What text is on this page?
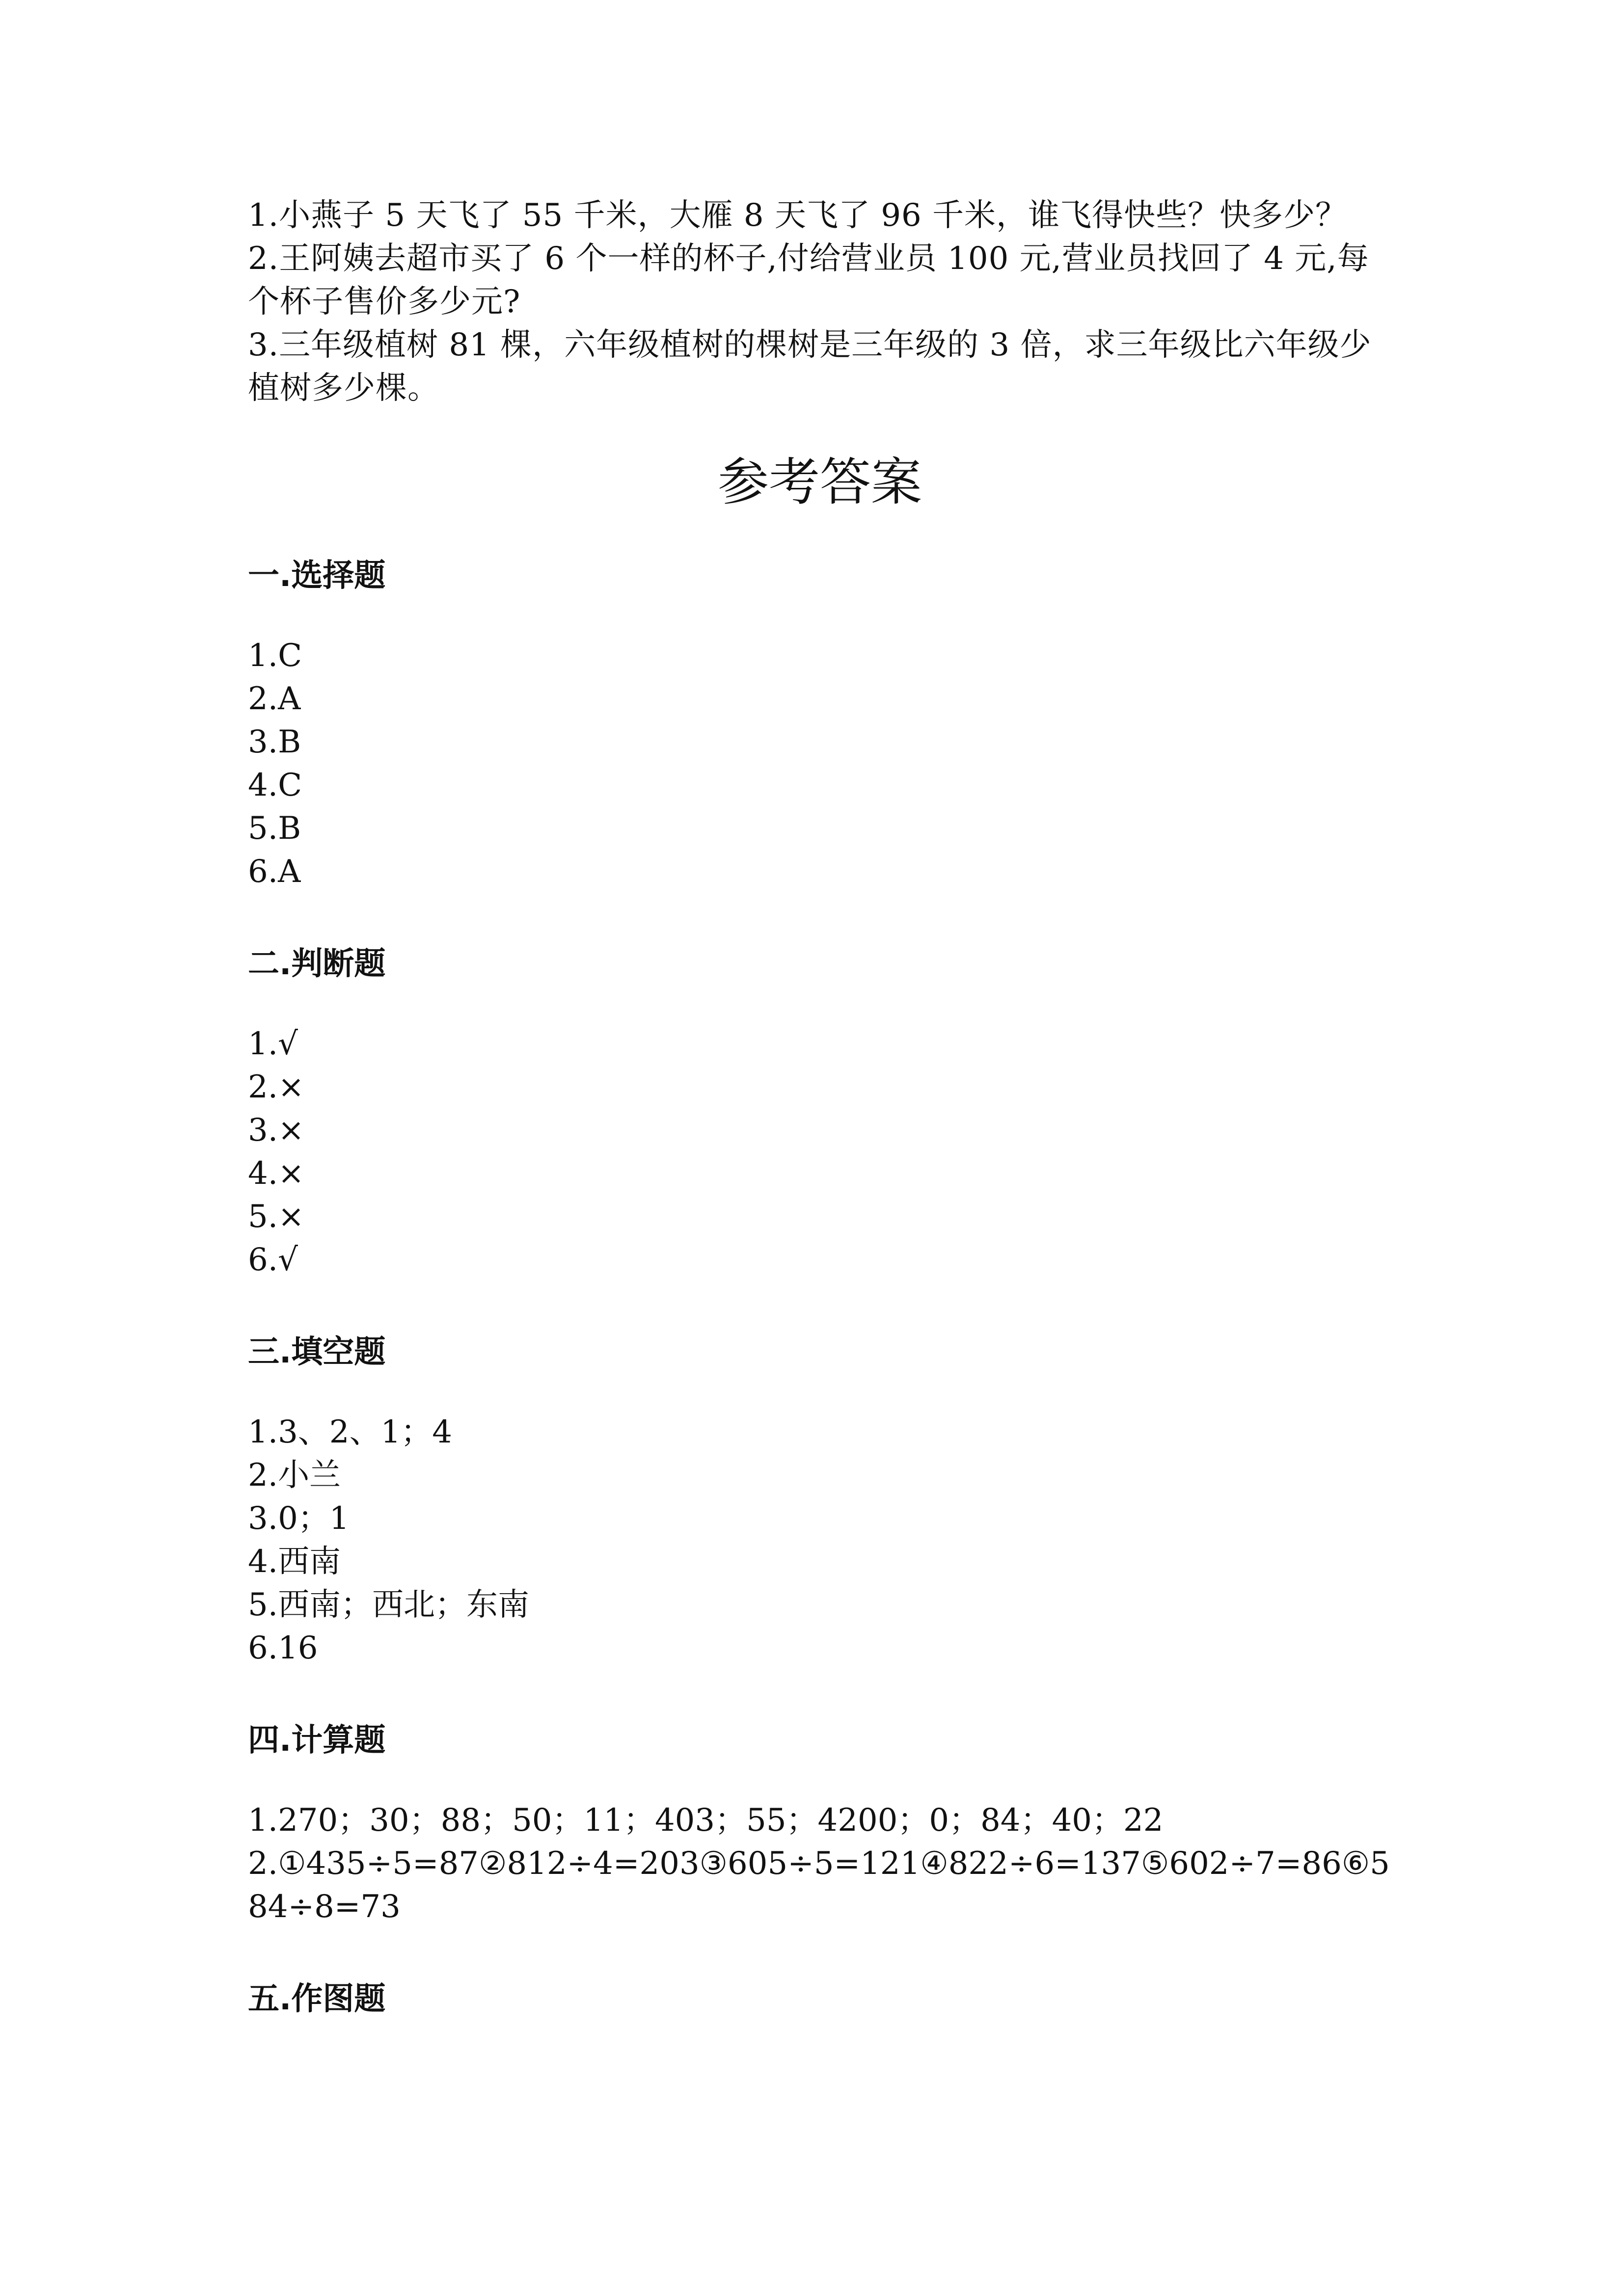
1.小燕子 5 天飞了 55 千米，大雁 8 天飞了 96 千米，谁飞得快些？快多少？

2.王阿姨去超市买了 6 个一样的杯子,付给营业员 100 元,营业员找回了 4 元,每个杯子售价多少元?

3.三年级植树 81 棵，六年级植树的棵树是三年级的 3 倍，求三年级比六年级少植树多少棵。

参考答案
一.选择题
1.C
2.A
3.B
4.C
5.B
6.A
二.判断题
1.√
2.×
3.×
4.×
5.×
6.√
三.填空题
1.3、2、1；4
2.小兰
3.0；1
4.西南
5.西南；西北；东南
6.16
四.计算题
1.270；30；88；50；11；403；55；4200；0；84；40；22
2.①435÷5=87②812÷4=203③605÷5=121④822÷6=137⑤602÷7=86⑥584÷8=73
五.作图题
